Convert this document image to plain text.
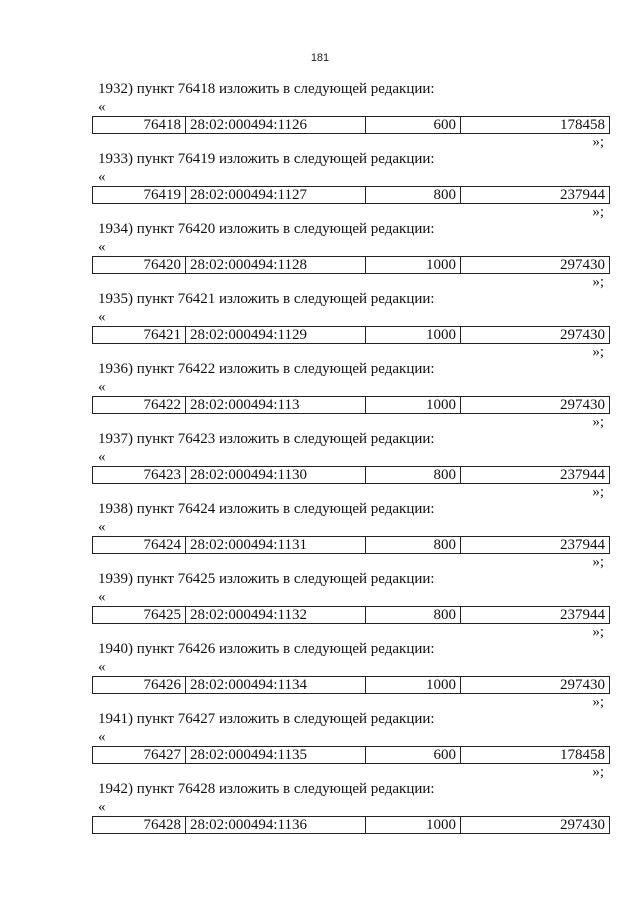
181
1932) пункт 76418 изложить в следующей редакции:
«
76418 28:02:000494:1126	600	178458
»;
1933) пункт 76419 изложить в следующей редакции:
«
76419 28:02:000494:1127	800	237944
»;
1934) пункт 76420 изложить в следующей редакции:
«
76420 28:02:000494:1128	1000	297430
»;
1935) пункт 76421 изложить в следующей редакции:
«
76421 28:02:000494:1129	1000	297430
»;
1936) пункт 76422 изложить в следующей редакции:
«
76422 28:02:000494:113	1000	297430
»;
1937) пункт 76423 изложить в следующей редакции:
«
76423 28:02:000494:1130	800	237944
»;
1938) пункт 76424 изложить в следующей редакции:
«
76424 28:02:000494:1131	800	237944
»;
1939) пункт 76425 изложить в следующей редакции:
«
76425 28:02:000494:1132	800	237944
»;
1940) пункт 76426 изложить в следующей редакции:
«
76426 28:02:000494:1134	1000	297430
»;
1941) пункт 76427 изложить в следующей редакции:
«
76427 28:02:000494:1135	600	178458
»;
1942) пункт 76428 изложить в следующей редакции:
«
76428 28:02:000494:1136	1000	297430
